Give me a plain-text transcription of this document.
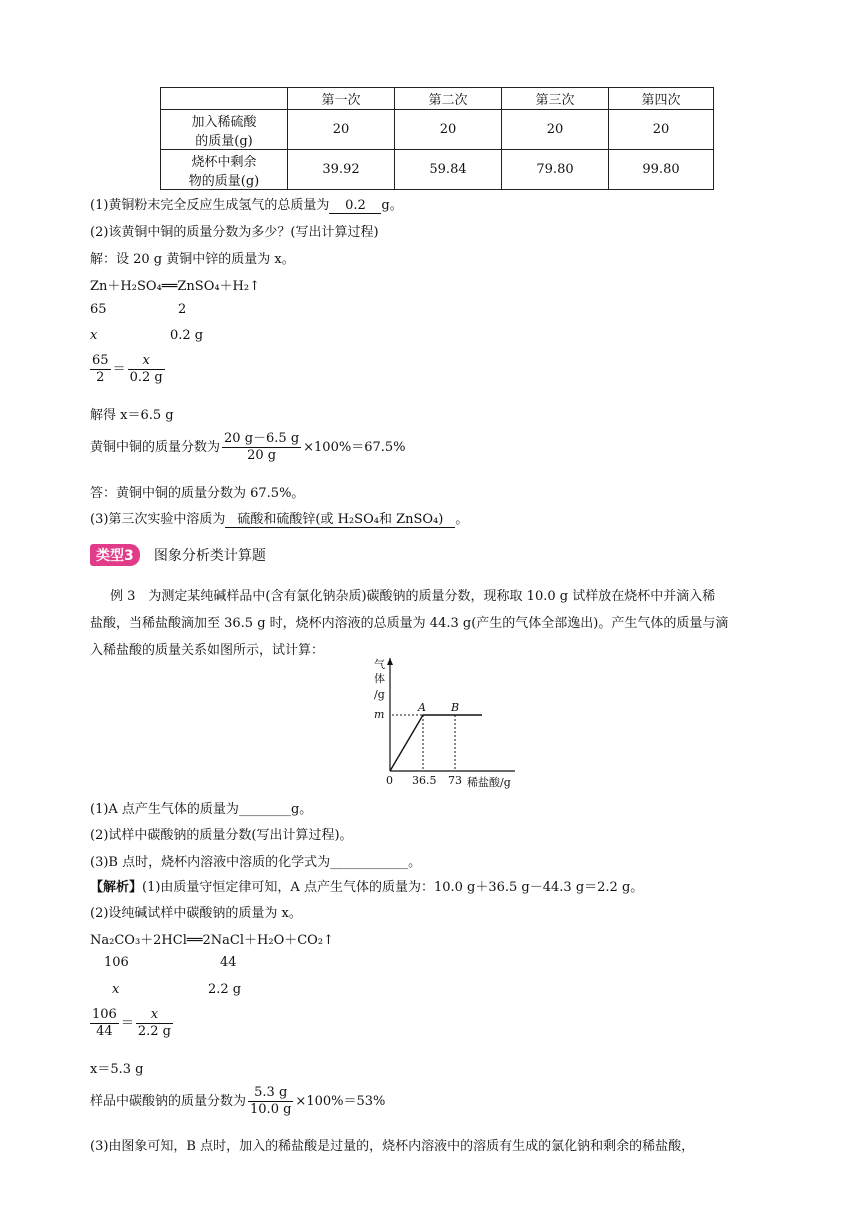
	第一次	第二次	第三次	第四次
加入稀硫酸
的质量(g)	20	20	20	20
烧杯中剩余
物的质量(g)	39.92	59.84	79.80	99.80
(1)黄铜粉末完全反应生成氢气的总质量为 0.2 g。
(2)该黄铜中铜的质量分数为多少？(写出计算过程)
解：设 20 g 黄铜中锌的质量为 x。
Zn＋H₂SO₄══ZnSO₄＋H₂↑
65	2
x	0.2 g
$\frac{65}{2} = \frac{x}{0.2 g}$
解得 x＝6.5 g
黄铜中铜的质量分数为 $\frac{20 g-6.5 g}{20 g} \times 100\%=67.5\%$
答：黄铜中铜的质量分数为 67.5%。
(3)第三次实验中溶质为 硫酸和硫酸锌(或 H₂SO₄和 ZnSO₄) 。
类型3 图象分析类计算题
例 3　为测定某纯碱样品中(含有氯化钠杂质)碳酸钠的质量分数，现称取 10.0 g 试样放在烧杯中并滴入稀
盐酸，当稀盐酸滴加至 36.5 g 时，烧杯内溶液的总质量为 44.3 g(产生的气体全部逸出)。产生气体的质量与滴
入稀盐酸的质量关系如图所示，试计算：
气
体
/g
m
A B
0 36.5 73 稀盐酸/g
(1)A 点产生气体的质量为________g。
(2)试样中碳酸钠的质量分数(写出计算过程)。
(3)B 点时，烧杯内溶液中溶质的化学式为____________。
【解析】(1)由质量守恒定律可知，A 点产生气体的质量为：10.0 g＋36.5 g－44.3 g＝2.2 g。
(2)设纯碱试样中碳酸钠的质量为 x。
Na₂CO₃＋2HCl══2NaCl＋H₂O＋CO₂↑
106	44
x	2.2 g
$\frac{106}{44} = \frac{x}{2.2 g}$
x＝5.3 g
样品中碳酸钠的质量分数为 $\frac{5.3 g}{10.0 g} \times 100\%=53\%$
(3)由图象可知，B 点时，加入的稀盐酸是过量的，烧杯内溶液中的溶质有生成的氯化钠和剩余的稀盐酸，
